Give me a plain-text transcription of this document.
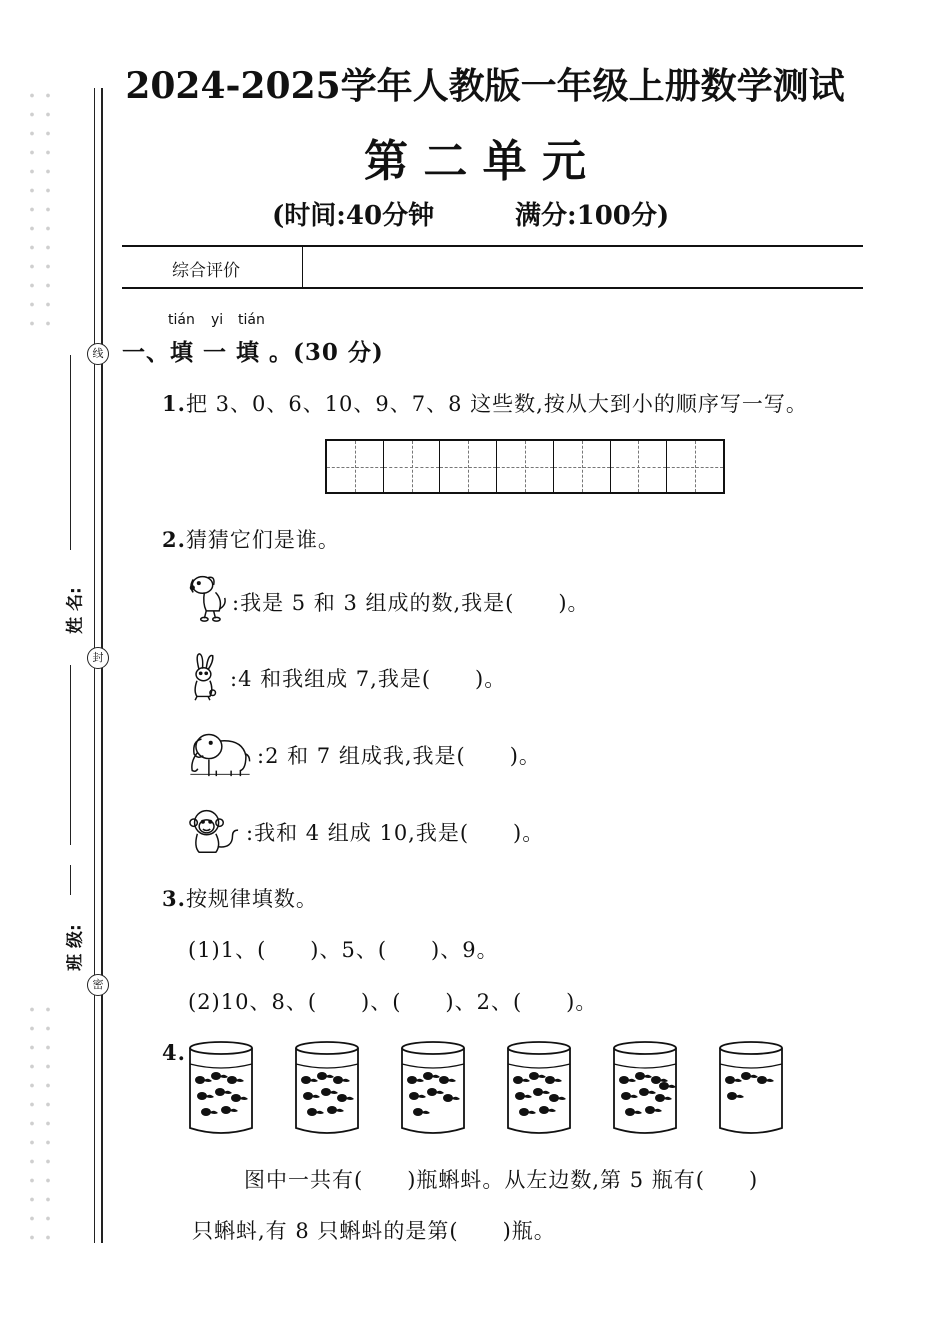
线
封
密
姓 名:
班 级:
2024-2025学年人教版一年级上册数学测试
第 二 单 元
(时间:40分钟	满分:100分)
综合评价
tián yi tián
一、填 一 填 。(30 分)
1.把 3、0、6、10、9、7、8 这些数,按从大到小的顺序写一写。
2.猜猜它们是谁。
:我是 5 和 3 组成的数,我是(　　)。
:4 和我组成 7,我是(　　)。
:2 和 7 组成我,我是(　　)。
:我和 4 组成 10,我是(　　)。
3.按规律填数。
(1)1、(　　)、5、(　　)、9。
(2)10、8、(　　)、(　　)、2、(　　)。
4.
图中一共有(　　)瓶蝌蚪。从左边数,第 5 瓶有(　　)
只蝌蚪,有 8 只蝌蚪的是第(　　)瓶。
